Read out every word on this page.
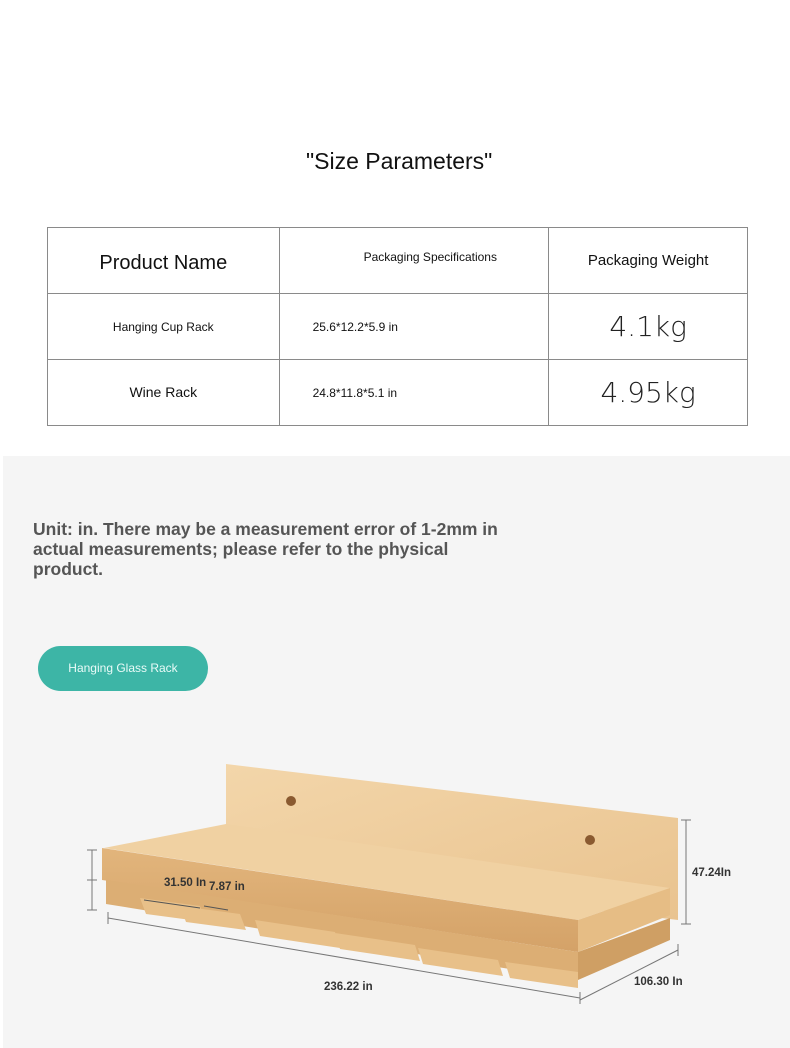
"Size Parameters"
Product Name	Packaging Specifications	Packaging Weight
Hanging Cup Rack	25.6*12.2*5.9 in	4.1kg
Wine Rack	24.8*11.8*5.1 in	4.95kg
Unit: in. There may be a measurement error of 1-2mm in actual measurements; please refer to the physical product.
Hanging Glass Rack
31.50 In 7.87 in
47.24In
236.22 in	106.30 In
